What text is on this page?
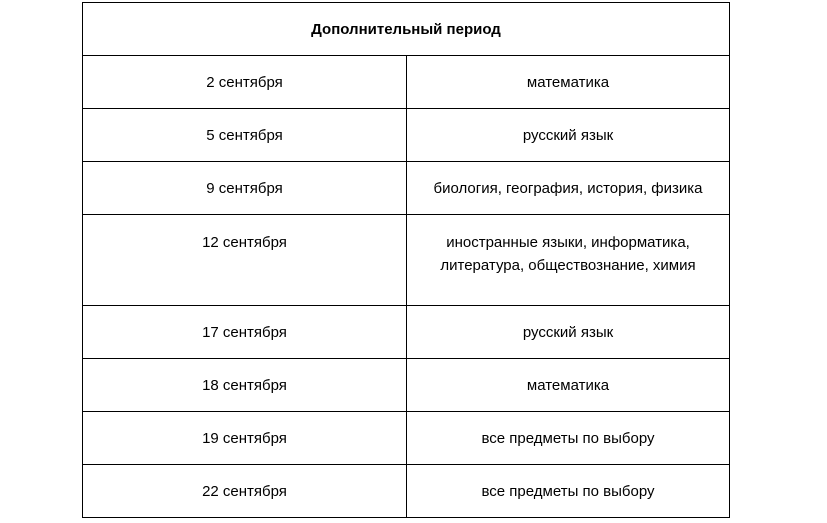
Дополнительный период	
2 сентября	математика
5 сентября	русский язык
9 сентября	биология, география, история, физика
12 сентября	иностранные языки, информатика, литература, обществознание, химия
17 сентября	русский язык
18 сентября	математика
19 сентября	все предметы по выбору
22 сентября	все предметы по выбору
